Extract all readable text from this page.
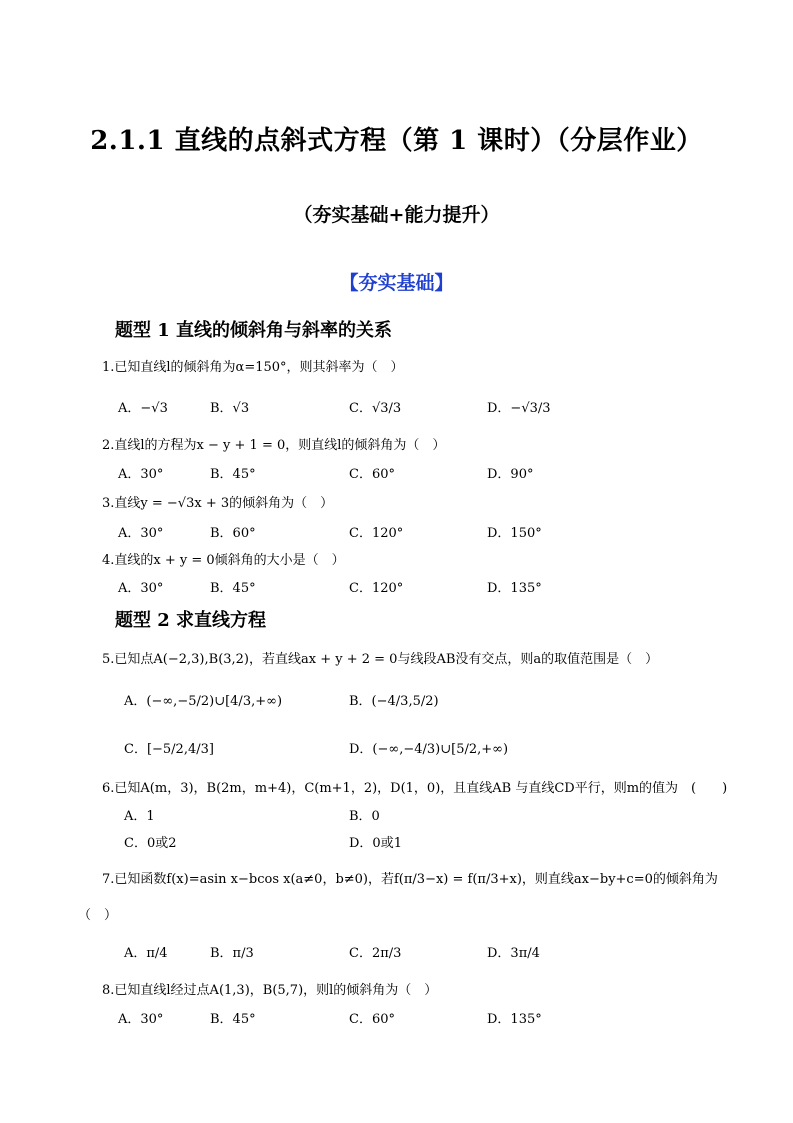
2.1.1 直线的点斜式方程（第 1 课时）（分层作业）
（夯实基础+能力提升）
【夯实基础】
题型 1 直线的倾斜角与斜率的关系
1.已知直线l的倾斜角为α=150°，则其斜率为（　）
A．−√3	B．√3	C．√3/3	D．−√3/3
2.直线l的方程为x − y + 1 = 0，则直线l的倾斜角为（　）
A．30°	B．45°	C．60°	D．90°
3.直线y = −√3x + 3的倾斜角为（　）
A．30°	B．60°	C．120°	D．150°
4.直线的x + y = 0倾斜角的大小是（　）
A．30°	B．45°	C．120°	D．135°
题型 2 求直线方程
5.已知点A(−2,3),B(3,2)，若直线ax + y + 2 = 0与线段AB没有交点，则a的取值范围是（　）
A．(−∞,−5/2)∪[4/3,+∞)	B．(−4/3,5/2)
C．[−5/2,4/3]	D．(−∞,−4/3)∪[5/2,+∞)
6.已知A(m，3)，B(2m，m+4)，C(m+1，2)，D(1，0)，且直线AB 与直线CD平行，则m的值为　(　　)
A．1	B．0
C．0或2	D．0或1
7.已知函数f(x)=asin x−bcos x(a≠0，b≠0)，若f(π/3−x) = f(π/3+x)，则直线ax−by+c=0的倾斜角为
（　）
A．π/4	B．π/3	C．2π/3	D．3π/4
8.已知直线l经过点A(1,3)，B(5,7)，则l的倾斜角为（　）
A．30°	B．45°	C．60°	D．135°
